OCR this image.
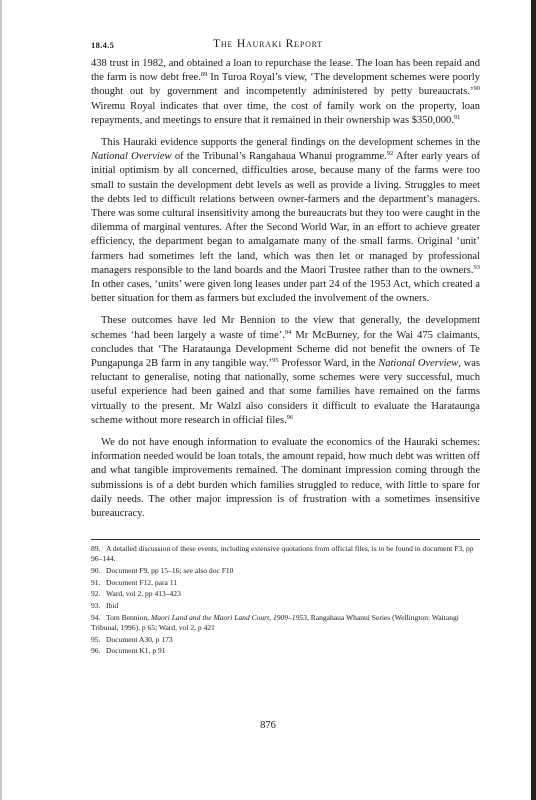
18.4.5	The Hauraki Report

438 trust in 1982, and obtained a loan to repurchase the lease. The loan has been repaid and the farm is now debt free.$^{89}$ In Turoa Royal’s view, ‘The development schemes were poorly thought out by government and incompetently administered by petty bureaucrats.’$^{90}$ Wiremu Royal indicates that over time, the cost of family work on the property, loan repayments, and meetings to ensure that it remained in their ownership was $350,000.91

This Hauraki evidence supports the general findings on the development schemes in the National Overview of the Tribunal’s Rangahaua Whanui programme.$^{92}$ After early years of initial optimism by all concerned, difficulties arose, because many of the farms were too small to sustain the development debt levels as well as provide a living. Struggles to meet the debts led to difficult relations between owner-farmers and the department’s managers. There was some cultural insensitivity among the bureaucrats but they too were caught in the dilemma of marginal ventures. After the Second World War, in an effort to achieve greater efficiency, the department began to amalgamate many of the small farms. Original ‘unit’ farmers had sometimes left the land, which was then let or managed by professional managers responsible to the land boards and the Maori Trustee rather than to the owners.$^{93}$ In other cases, ‘units’ were given long leases under part 24 of the 1953 Act, which created a better situation for them as farmers but excluded the involvement of the owners.

These outcomes have led Mr Bennion to the view that generally, the development schemes ‘had been largely a waste of time’.$^{94}$ Mr McBurney, for the Wai 475 claimants, concludes that ‘The Harataunga Development Scheme did not benefit the owners of Te Pungapunga 2B farm in any tangible way.’$^{95}$ Professor Ward, in the National Overview, was reluctant to generalise, noting that nationally, some schemes were very successful, much useful experience had been gained and that some families have remained on the farms virtually to the present. Mr Walzl also considers it difficult to evaluate the Harataunga scheme without more research in official files.$^{96}$

We do not have enough information to evaluate the economics of the Hauraki schemes: information needed would be loan totals, the amount repaid, how much debt was written off and what tangible improvements remained. The dominant impression coming through the submissions is of a debt burden which families struggled to reduce, with little to spare for daily needs. The other major impression is of frustration with a sometimes insensitive bureaucracy.

89. A detailed discussion of these events, including extensive quotations from official files, is to be found in document F3, pp 96–144.
90. Document F9, pp 15–16; see also doc F10
91. Document F12, para 11
92. Ward, vol 2, pp 413–423
93. Ibid
94. Tom Bennion, Maori Land and the Maori Land Court, 1909–1953, Rangahaua Whanui Series (Wellington: Waitangi Tribunal, 1996), p 65; Ward, vol 2, p 421
95. Document A30, p 173
96. Document K1, p 91
876
